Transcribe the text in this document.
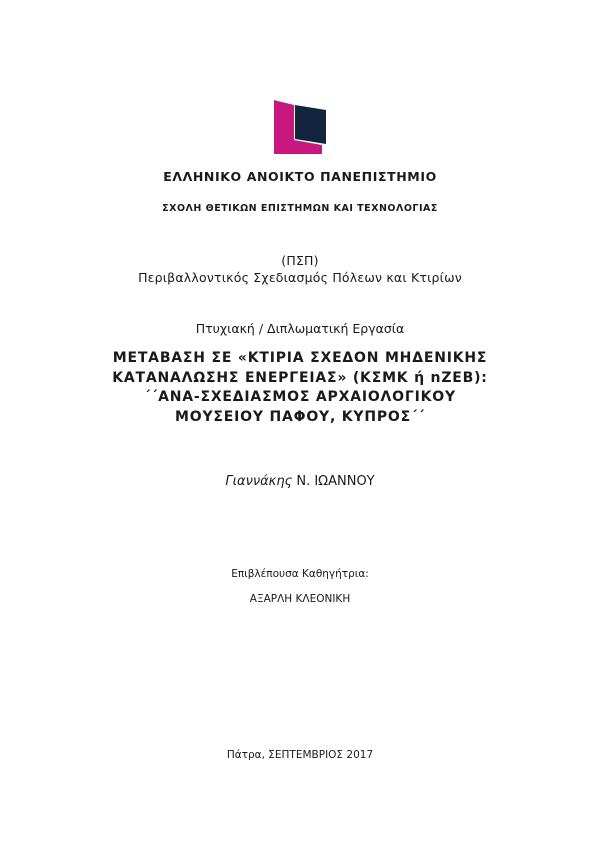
ΕΛΛΗΝΙΚΟ ΑΝΟΙΚΤΟ ΠΑΝΕΠΙΣΤΗΜΙΟ
ΣΧΟΛΗ ΘΕΤΙΚΩΝ ΕΠΙΣΤΗΜΩΝ ΚΑΙ ΤΕΧΝΟΛΟΓΙΑΣ
(ΠΣΠ)
Περιβαλλοντικός Σχεδιασμός Πόλεων και Κτιρίων
Πτυχιακή / Διπλωματική Εργασία
ΜΕΤΑΒΑΣΗ ΣΕ «ΚΤΙΡΙΑ ΣΧΕΔΟΝ ΜΗΔΕΝΙΚΗΣ
ΚΑΤΑΝΑΛΩΣΗΣ ΕΝΕΡΓΕΙΑΣ» (ΚΣΜΚ ή nZEB):
΄΄ΑΝΑ-ΣΧΕΔΙΑΣΜΟΣ ΑΡΧΑΙΟΛΟΓΙΚΟΥ
ΜΟΥΣΕΙΟΥ ΠΑΦΟΥ, ΚΥΠΡΟΣ΄΄
Γιαννάκης Ν. ΙΩΑΝΝΟΥ
Επιβλέπουσα Καθηγήτρια:
ΑΞΑΡΛΗ ΚΛΕΟΝΙΚΗ
Πάτρα, ΣΕΠΤΕΜΒΡΙΟΣ 2017
